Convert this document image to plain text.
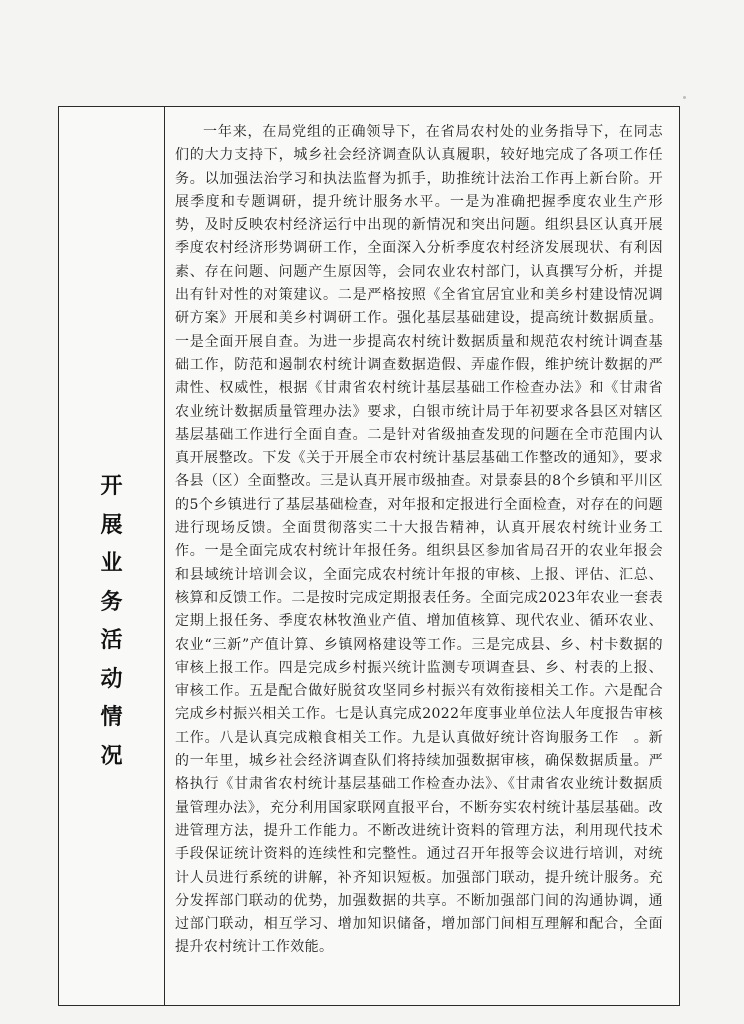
开
展
业
务
活
动
情
况

一年来，在局党组的正确领导下，在省局农村处的业务指导下，在同志们的大力支持下，城乡社会经济调查队认真履职，较好地完成了各项工作任务。以加强法治学习和执法监督为抓手，助推统计法治工作再上新台阶。开展季度和专题调研，提升统计服务水平。一是为准确把握季度农业生产形势，及时反映农村经济运行中出现的新情况和突出问题。组织县区认真开展季度农村经济形势调研工作，全面深入分析季度农村经济发展现状、有利因素、存在问题、问题产生原因等，会同农业农村部门，认真撰写分析，并提出有针对性的对策建议。二是严格按照《全省宜居宜业和美乡村建设情况调研方案》开展和美乡村调研工作。强化基层基础建设，提高统计数据质量。一是全面开展自查。为进一步提高农村统计数据质量和规范农村统计调查基础工作，防范和遏制农村统计调查数据造假、弄虚作假，维护统计数据的严肃性、权威性，根据《甘肃省农村统计基层基础工作检查办法》和《甘肃省农业统计数据质量管理办法》要求，白银市统计局于年初要求各县区对辖区基层基础工作进行全面自查。二是针对省级抽查发现的问题在全市范围内认真开展整改。下发《关于开展全市农村统计基层基础工作整改的通知》，要求各县（区）全面整改。三是认真开展市级抽查。对景泰县的8个乡镇和平川区的5个乡镇进行了基层基础检查，对年报和定报进行全面检查，对存在的问题进行现场反馈。全面贯彻落实二十大报告精神，认真开展农村统计业务工作。一是全面完成农村统计年报任务。组织县区参加省局召开的农业年报会和县域统计培训会议，全面完成农村统计年报的审核、上报、评估、汇总、核算和反馈工作。二是按时完成定期报表任务。全面完成2023年农业一套表定期上报任务、季度农林牧渔业产值、增加值核算、现代农业、循环农业、农业“三新”产值计算、乡镇网格建设等工作。三是完成县、乡、村卡数据的审核上报工作。四是完成乡村振兴统计监测专项调查县、乡、村表的上报、审核工作。五是配合做好脱贫攻坚同乡村振兴有效衔接相关工作。六是配合完成乡村振兴相关工作。七是认真完成2022年度事业单位法人年度报告审核工作。八是认真完成粮食相关工作。九是认真做好统计咨询服务工作　。新的一年里，城乡社会经济调查队们将持续加强数据审核，确保数据质量。严格执行《甘肃省农村统计基层基础工作检查办法》、《甘肃省农业统计数据质量管理办法》，充分利用国家联网直报平台，不断夯实农村统计基层基础。改进管理方法，提升工作能力。不断改进统计资料的管理方法，利用现代技术手段保证统计资料的连续性和完整性。通过召开年报等会议进行培训，对统计人员进行系统的讲解，补齐知识短板。加强部门联动，提升统计服务。充分发挥部门联动的优势，加强数据的共享。不断加强部门间的沟通协调，通过部门联动，相互学习、增加知识储备，增加部门间相互理解和配合，全面提升农村统计工作效能。
